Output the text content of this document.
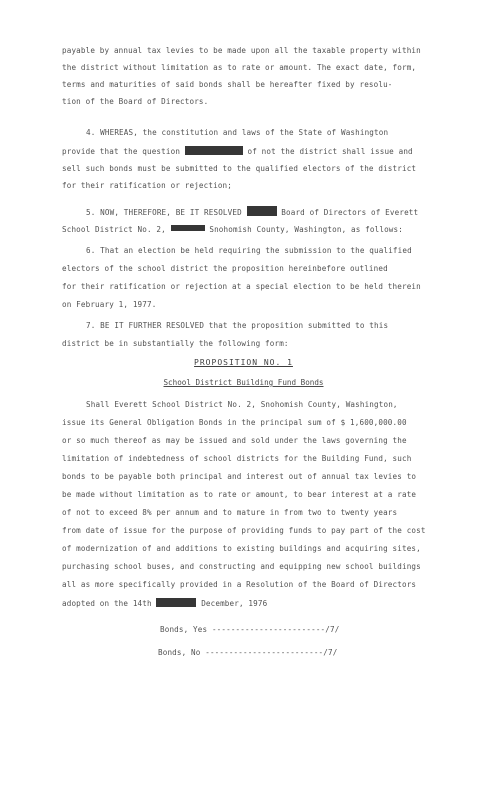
payable by annual tax levies to be made upon all the taxable property within
the district without limitation as to rate or amount. The exact date, form,
terms and maturities of said bonds shall be hereafter fixed by resolu-
tion of the Board of Directors.
4. WHEREAS, the constitution and laws of the State of Washington
provide that the question	of not the district shall issue and
sell such bonds must be submitted to the qualified electors of the district
for their ratification or rejection;
5. NOW, THEREFORE, BE IT RESOLVED	Board of Directors of Everett
School District No. 2,	Snohomish County, Washington, as follows:
6. That an election be held requiring the submission to the qualified
electors of the school district the proposition hereinbefore outlined
for their ratification or rejection at a special election to be held therein
on February 1, 1977.
7. BE IT FURTHER RESOLVED that the proposition submitted to this
district be in substantially the following form:
PROPOSITION NO. 1
School District Building Fund Bonds
Shall Everett School District No. 2, Snohomish County, Washington,
issue its General Obligation Bonds in the principal sum of $ 1,600,000.00
or so much thereof as may be issued and sold under the laws governing the
limitation of indebtedness of school districts for the Building Fund, such
bonds to be payable both principal and interest out of annual tax levies to
be made without limitation as to rate or amount, to bear interest at a rate
of not to exceed 8% per annum and to mature in from two to twenty years
from date of issue for the purpose of providing funds to pay part of the cost
of modernization of and additions to existing buildings and acquiring sites,
purchasing school buses, and constructing and equipping new school buildings
all as more specifically provided in a Resolution of the Board of Directors
adopted on the 14th	December, 1976
Bonds, Yes ------------------------/7/
Bonds, No -------------------------/7/
